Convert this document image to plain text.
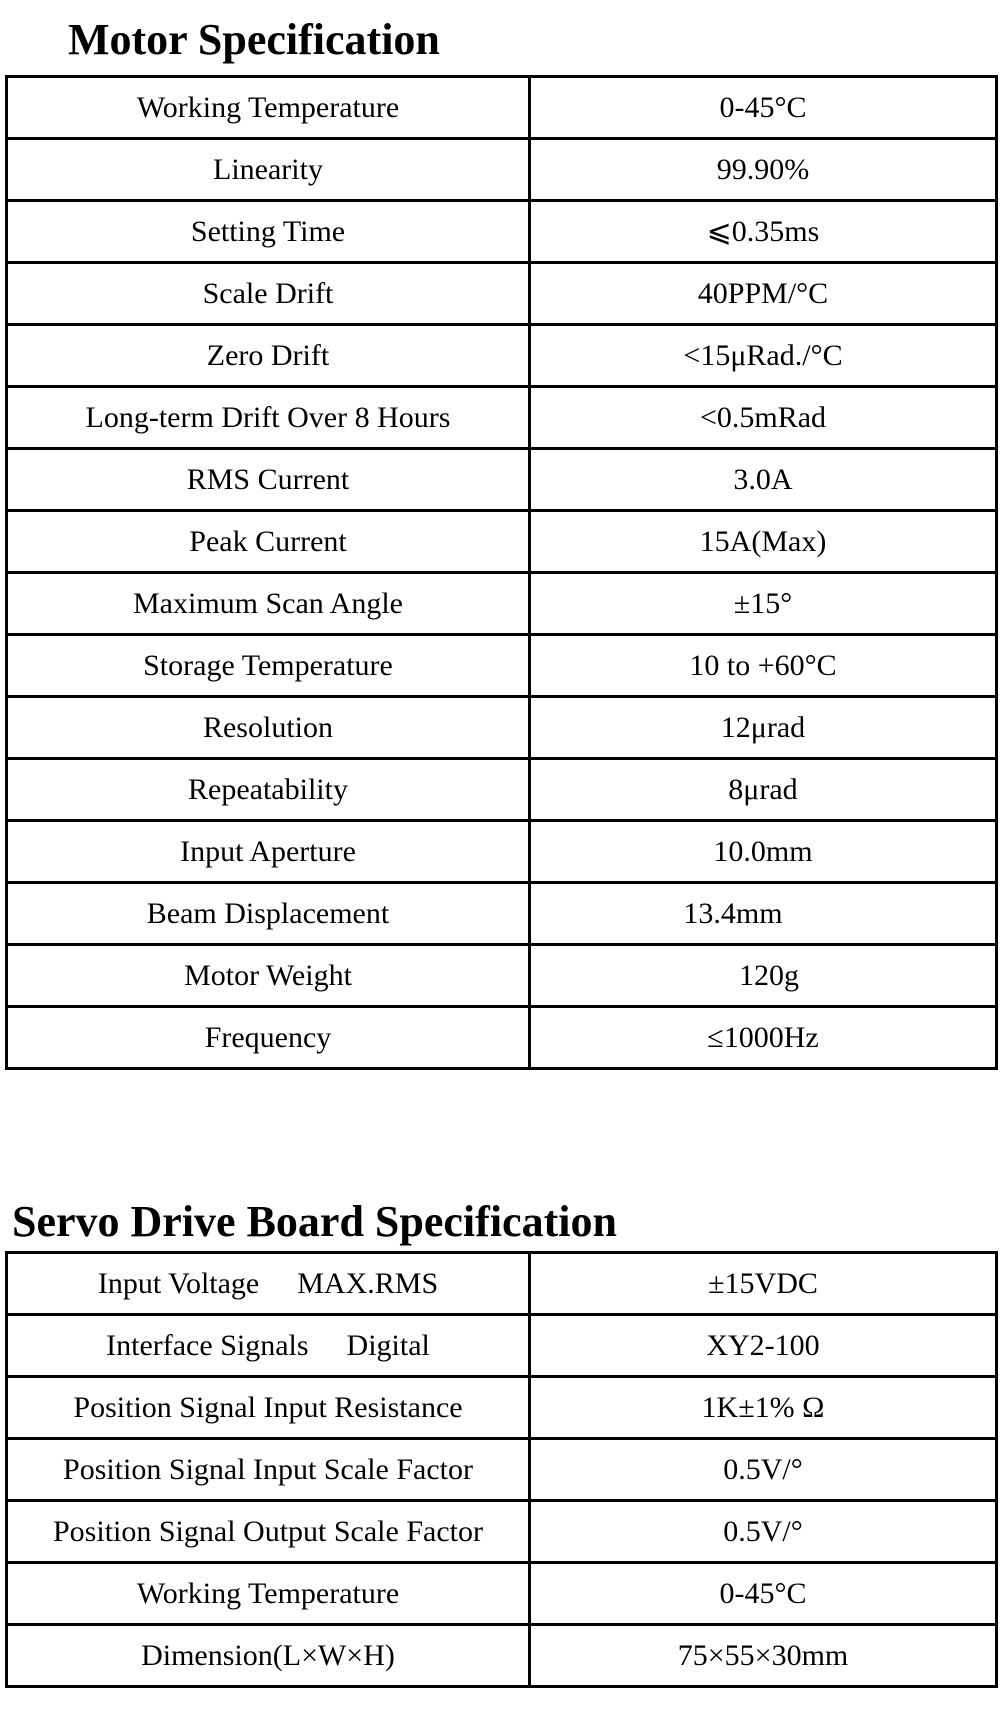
Motor Specification
Working Temperature	0-45°C
Linearity	99.90%
Setting Time	⩽0.35ms
Scale Drift	40PPM/°C
Zero Drift	<15μRad./°C
Long-term Drift Over 8 Hours	<0.5mRad
RMS Current	3.0A
Peak Current	15A(Max)
Maximum Scan Angle	±15°
Storage Temperature	10 to +60°C
Resolution	12μrad
Repeatability	8μrad
Input Aperture	10.0mm
Beam Displacement	13.4mm
Motor Weight	120g
Frequency	≤1000Hz
Servo Drive Board Specification
Input Voltage MAX.RMS	±15VDC
Interface Signals Digital	XY2-100
Position Signal Input Resistance	1K±1% Ω
Position Signal Input Scale Factor	0.5V/°
Position Signal Output Scale Factor	0.5V/°
Working Temperature	0-45°C
Dimension(L×W×H)	75×55×30mm
